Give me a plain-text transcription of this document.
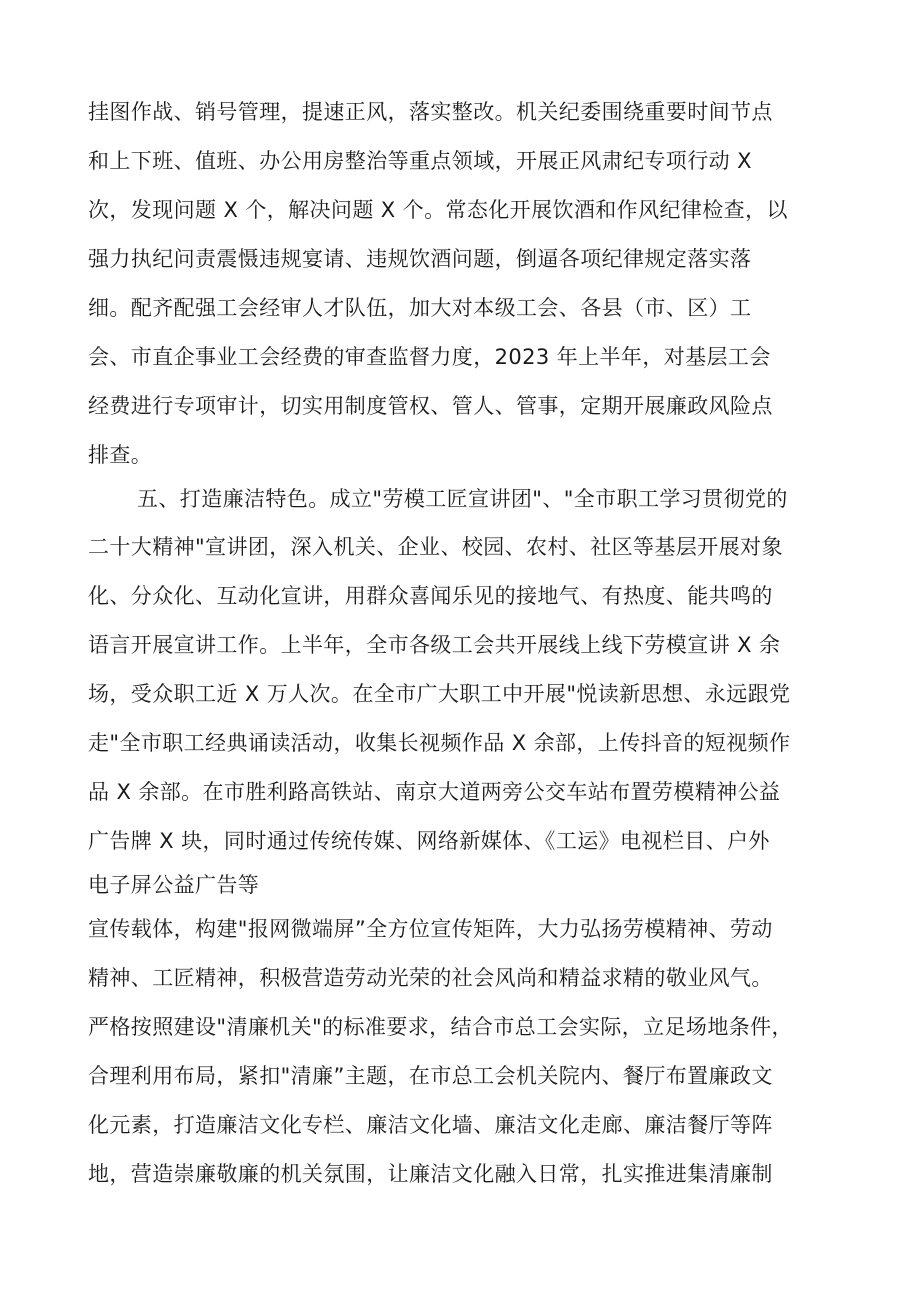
挂图作战、销号管理，提速正风，落实整改。机关纪委围绕重要时间节点
和上下班、值班、办公用房整治等重点领域，开展正风肃纪专项行动 X
次，发现问题 X 个，解决问题 X 个。常态化开展饮酒和作风纪律检查，以
强力执纪问责震慑违规宴请、违规饮酒问题，倒逼各项纪律规定落实落
细。配齐配强工会经审人才队伍，加大对本级工会、各县（市、区）工
会、市直企事业工会经费的审查监督力度，2023 年上半年，对基层工会
经费进行专项审计，切实用制度管权、管人、管事，定期开展廉政风险点
排查。
五、打造廉洁特色。成立"劳模工匠宣讲团"、"全市职工学习贯彻党的
二十大精神"宣讲团，深入机关、企业、校园、农村、社区等基层开展对象
化、分众化、互动化宣讲，用群众喜闻乐见的接地气、有热度、能共鸣的
语言开展宣讲工作。上半年，全市各级工会共开展线上线下劳模宣讲 X 余
场，受众职工近 X 万人次。在全市广大职工中开展"悦读新思想、永远跟党
走"全市职工经典诵读活动，收集长视频作品 X 余部，上传抖音的短视频作
品 X 余部。在市胜利路高铁站、南京大道两旁公交车站布置劳模精神公益
广告牌 X 块，同时通过传统传媒、网络新媒体、《工运》电视栏目、户外
电子屏公益广告等
宣传载体，构建"报网微端屏”全方位宣传矩阵，大力弘扬劳模精神、劳动
精神、工匠精神，积极营造劳动光荣的社会风尚和精益求精的敬业风气。
严格按照建设"清廉机关"的标准要求，结合市总工会实际，立足场地条件，
合理利用布局，紧扣"清廉”主题，在市总工会机关院内、餐厅布置廉政文
化元素，打造廉洁文化专栏、廉洁文化墙、廉洁文化走廊、廉洁餐厅等阵
地，营造崇廉敬廉的机关氛围，让廉洁文化融入日常，扎实推进集清廉制
